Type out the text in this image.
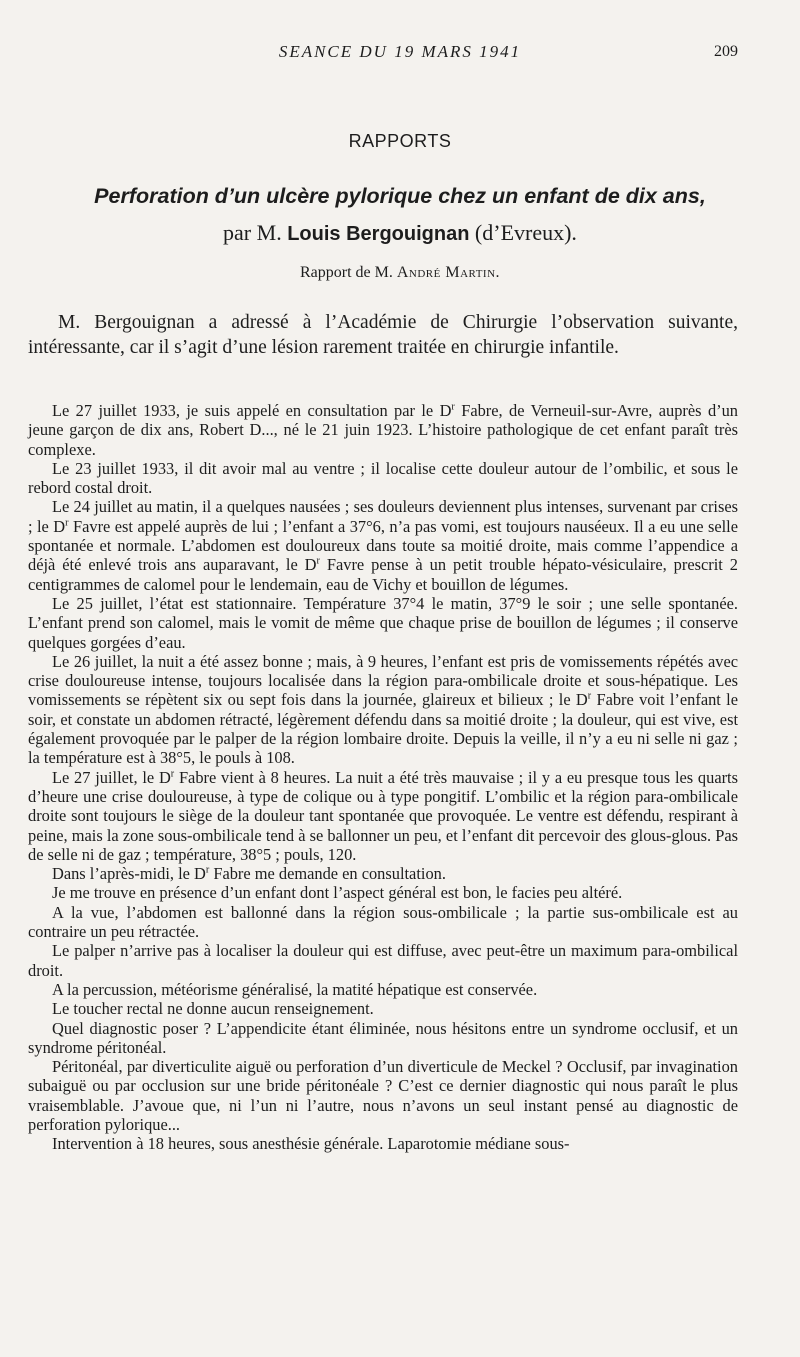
SEANCE DU 19 MARS 1941	209
RAPPORTS
Perforation d’un ulcère pylorique chez un enfant de dix ans,
par M. Louis Bergouignan (d’Evreux).
Rapport de M. André Martin.

M. Bergouignan a adressé à l’Académie de Chirurgie l’observation suivante, intéressante, car il s’agit d’une lésion rarement traitée en chirurgie infantile.

Le 27 juillet 1933, je suis appelé en consultation par le $D^r$ Fabre, de Verneuil-sur-Avre, auprès d’un jeune garçon de dix ans, Robert D..., né le 21 juin 1923. L’histoire pathologique de cet enfant paraît très complexe.

Le 23 juillet 1933, il dit avoir mal au ventre ; il localise cette douleur autour de l’ombilic, et sous le rebord costal droit.

Le 24 juillet au matin, il a quelques nausées ; ses douleurs deviennent plus intenses, survenant par crises ; le $D^r$ Favre est appelé auprès de lui ; l’enfant a 37°6, n’a pas vomi, est toujours nauséeux. Il a eu une selle spontanée et normale. L’abdomen est douloureux dans toute sa moitié droite, mais comme l’appendice a déjà été enlevé trois ans auparavant, le $D^r$ Favre pense à un petit trouble hépato-vésiculaire, prescrit 2 centigrammes de calomel pour le lendemain, eau de Vichy et bouillon de légumes.

Le 25 juillet, l’état est stationnaire. Température 37°4 le matin, 37°9 le soir ; une selle spontanée. L’enfant prend son calomel, mais le vomit de même que chaque prise de bouillon de légumes ; il conserve quelques gorgées d’eau.

Le 26 juillet, la nuit a été assez bonne ; mais, à 9 heures, l’enfant est pris de vomissements répétés avec crise douloureuse intense, toujours localisée dans la région para-ombilicale droite et sous-hépatique. Les vomissements se répètent six ou sept fois dans la journée, glaireux et bilieux ; le $D^r$ Fabre voit l’enfant le soir, et constate un abdomen rétracté, légèrement défendu dans sa moitié droite ; la douleur, qui est vive, est également provoquée par le palper de la région lombaire droite. Depuis la veille, il n’y a eu ni selle ni gaz ; la température est à 38°5, le pouls à 108.

Le 27 juillet, le $D^r$ Fabre vient à 8 heures. La nuit a été très mauvaise ; il y a eu presque tous les quarts d’heure une crise douloureuse, à type de colique ou à type pongitif. L’ombilic et la région para-ombilicale droite sont toujours le siège de la douleur tant spontanée que provoquée. Le ventre est défendu, respirant à peine, mais la zone sous-ombilicale tend à se ballonner un peu, et l’enfant dit percevoir des glous-glous. Pas de selle ni de gaz ; température, 38°5 ; pouls, 120.

Dans l’après-midi, le $D^r$ Fabre me demande en consultation.

Je me trouve en présence d’un enfant dont l’aspect général est bon, le facies peu altéré.

A la vue, l’abdomen est ballonné dans la région sous-ombilicale ; la partie sus-ombilicale est au contraire un peu rétractée.

Le palper n’arrive pas à localiser la douleur qui est diffuse, avec peut-être un maximum para-ombilical droit.

A la percussion, météorisme généralisé, la matité hépatique est conservée.

Le toucher rectal ne donne aucun renseignement.

Quel diagnostic poser ? L’appendicite étant éliminée, nous hésitons entre un syndrome occlusif, et un syndrome péritonéal.

Péritonéal, par diverticulite aiguë ou perforation d’un diverticule de Meckel ? Occlusif, par invagination subaiguë ou par occlusion sur une bride péritonéale ? C’est ce dernier diagnostic qui nous paraît le plus vraisemblable. J’avoue que, ni l’un ni l’autre, nous n’avons un seul instant pensé au diagnostic de perforation pylorique...

Intervention à 18 heures, sous anesthésie générale. Laparotomie médiane sous-
